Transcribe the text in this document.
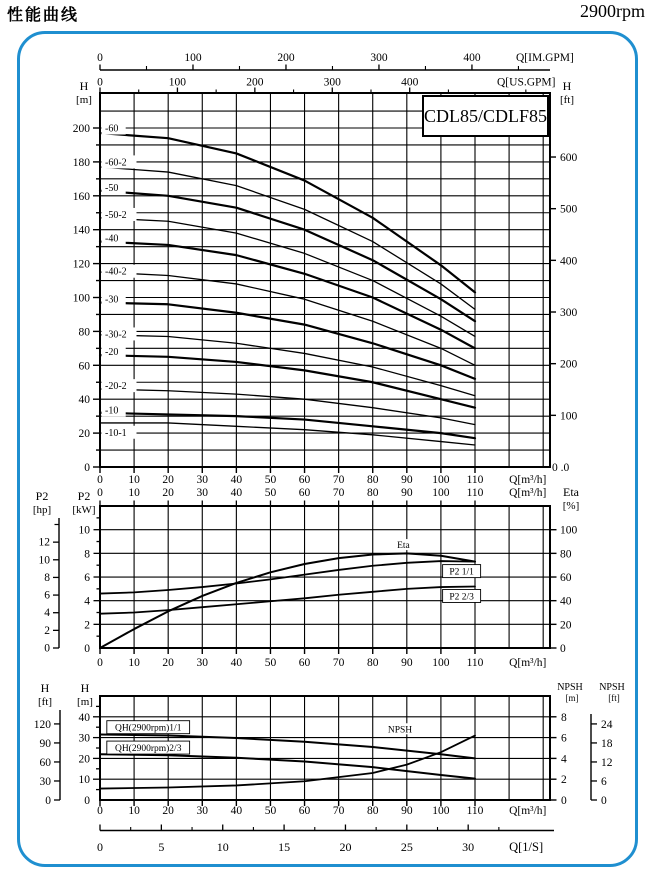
性能曲线	2900rpm
-60
-60-2
-50
-50-2
-40
-40-2
-30
-30-2
-20
-20-2
-10
-10-1
0 10 20 30 40 50 60 70 80 90 100 110 Q[m³/h]
0
20
40
60
80
100
120
140
160
180
200
H
[m]
100
200
300
400
500
600
0 .0
H
[ft]
0	100	200	300	400	Q[US.GPM]
0	100	200	300	400	Q[IM.GPM]
Eta
P2 1/1
P2 2/3
0 10 20 30 40 50 60 70 80 90 100 110 Q[m³/h]
0 10 20 30 40 50 60 70 80 90 100 110 Q[m³/h]
0
2
4
6
8
10
P2
[kW]
0
2
4
6
8
10
12
P2
[hp]
0
20
40
60
80
100
Eta
[%]
QH(2900rpm)1/1
QH(2900rpm)2/3
NPSH
0 10 20 30 40 50 60 70 80 90 100 110 Q[m³/h]
0	5	10	15	20	25	30	Q[1/S]
0
10
20
30
40
H
[m]
0
30
60
90
120
H
[ft]
0
2
4
6
8
NPSH
[m]
0
6
12
18
24
NPSH
[ft]
CDL85/CDLF85
